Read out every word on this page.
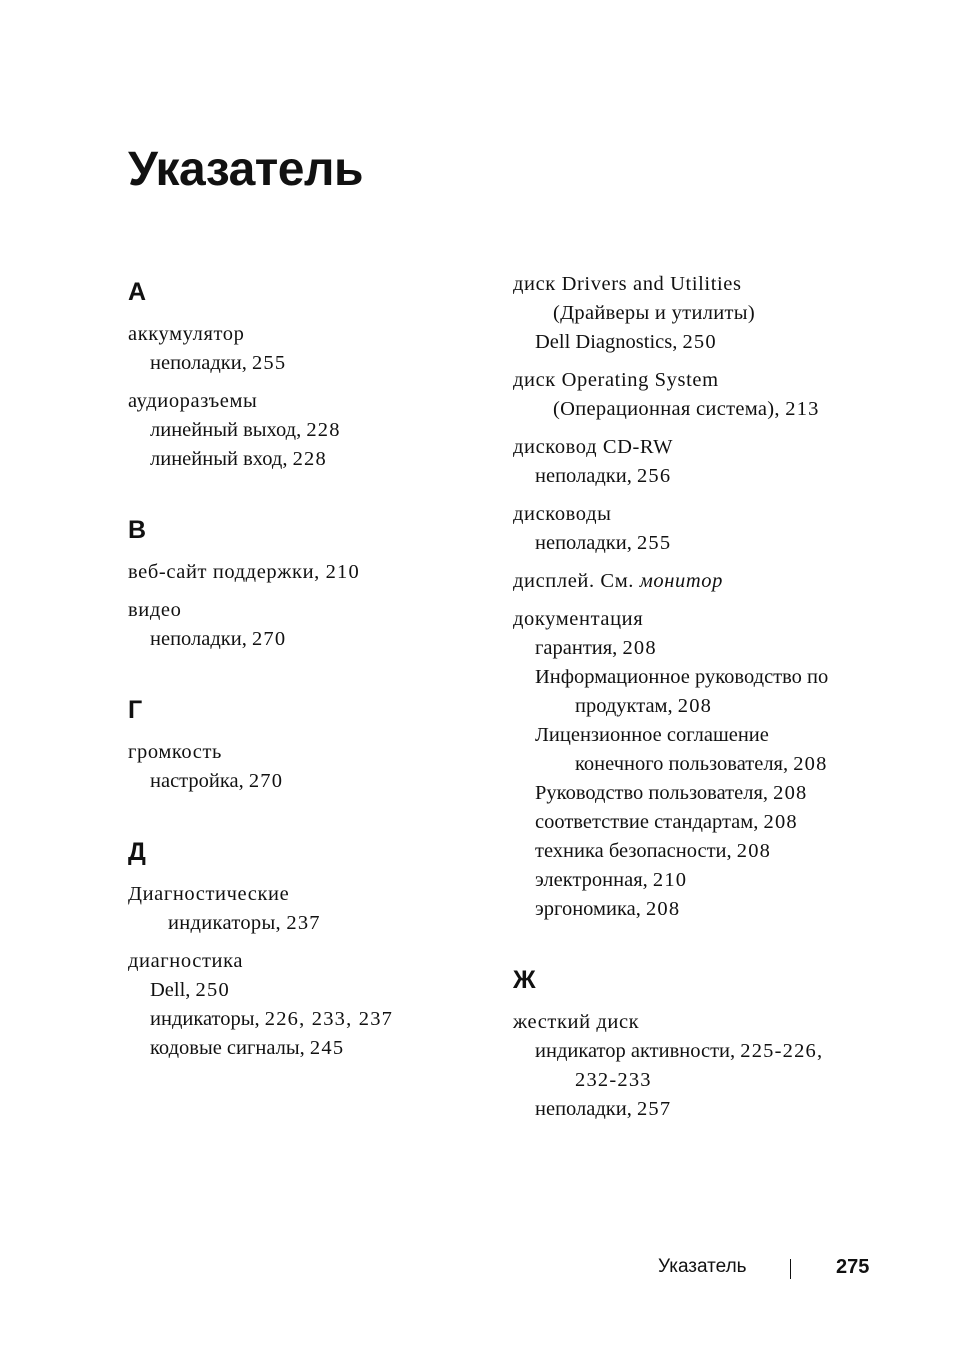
Указатель
А
аккумулятор
неполадки, 255
аудиоразъемы
линейный выход, 228
линейный вход, 228
В
веб-сайт поддержки, 210
видео
неполадки, 270
Г
громкость
настройка, 270
Д
Диагностические
индикаторы, 237
диагностика
Dell, 250
индикаторы, 226, 233, 237
кодовые сигналы, 245
диск Drivers and Utilities
(Драйверы и утилиты)
Dell Diagnostics, 250
диск Operating System
(Операционная система), 213
дисковод CD-RW
неполадки, 256
дисководы
неполадки, 255
дисплей. См. монитор
документация
гарантия, 208
Информационное руководство по
продуктам, 208
Лицензионное соглашение
конечного пользователя, 208
Руководство пользователя, 208
соответствие стандартам, 208
техника безопасности, 208
электронная, 210
эргономика, 208
Ж
жесткий диск
индикатор активности, 225-226,
232-233
неполадки, 257
Указатель	275
